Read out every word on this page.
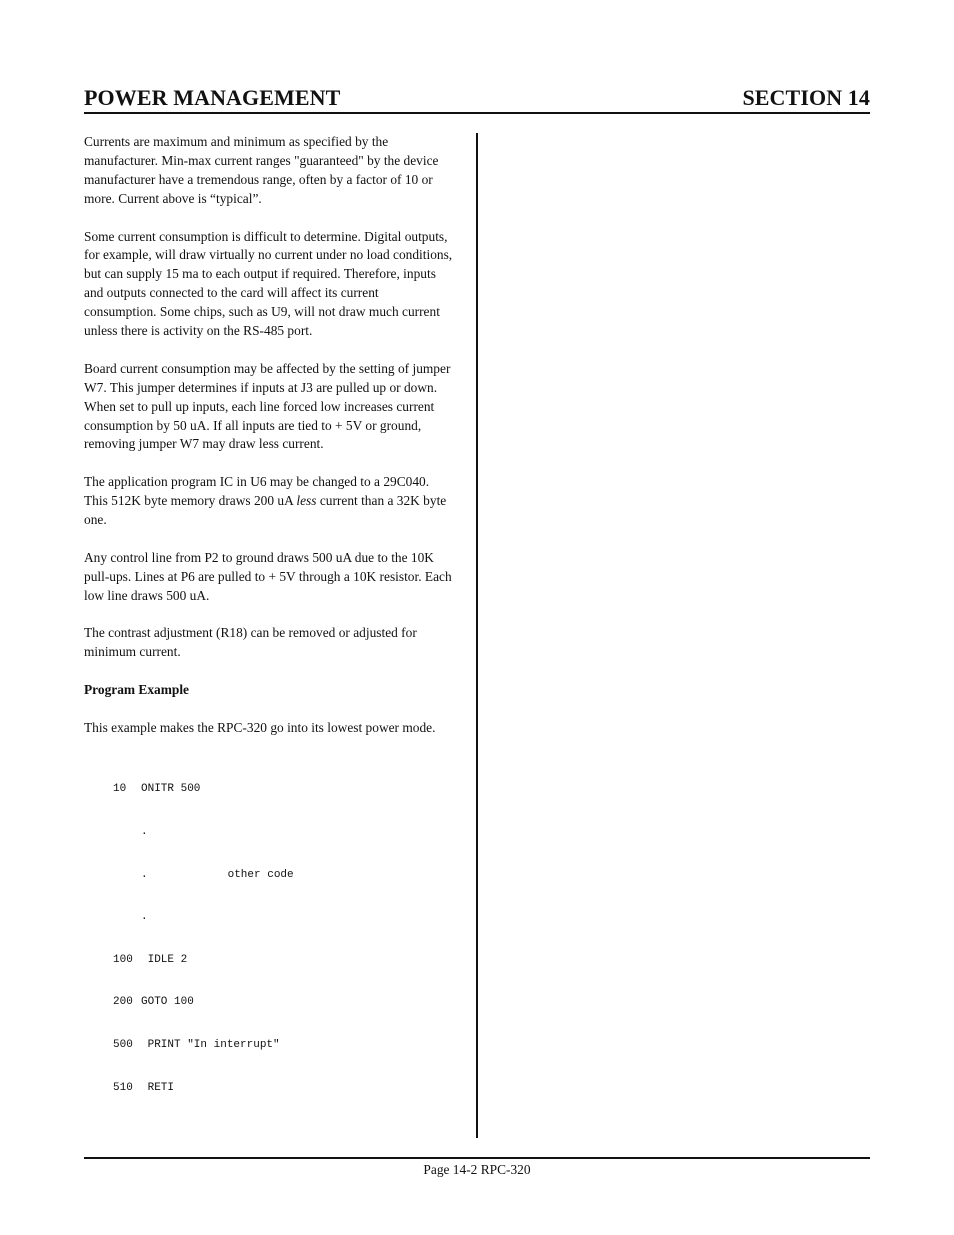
POWER MANAGEMENT	SECTION 14

Currents are maximum and minimum as specified by the manufacturer. Min-max current ranges "guaranteed" by the device manufacturer have a tremendous range, often by a factor of 10 or more. Current above is “typical”.

Some current consumption is difficult to determine. Digital outputs, for example, will draw virtually no current under no load conditions, but can supply 15 ma to each output if required. Therefore, inputs and outputs connected to the card will affect its current consumption. Some chips, such as U9, will not draw much current unless there is activity on the RS-485 port.

Board current consumption may be affected by the setting of jumper W7. This jumper determines if inputs at J3 are pulled up or down. When set to pull up inputs, each line forced low increases current consumption by 50 uA. If all inputs are tied to + 5V or ground, removing jumper W7 may draw less current.

The application program IC in U6 may be changed to a 29C040. This 512K byte memory draws 200 uA less current than a 32K byte one.

Any control line from P2 to ground draws 500 uA due to the 10K pull-ups. Lines at P6 are pulled to + 5V through a 10K resistor. Each low line draws 500 uA.

The contrast adjustment (R18) can be removed or adjusted for minimum current.

Program Example

This example makes the RPC-320 go into its lowest power mode.

10	ONITR 500

.

.	other code

.

100 IDLE 2

200 GOTO 100

500 PRINT "In interrupt"

510 RETI

Page 14-2 RPC-320
